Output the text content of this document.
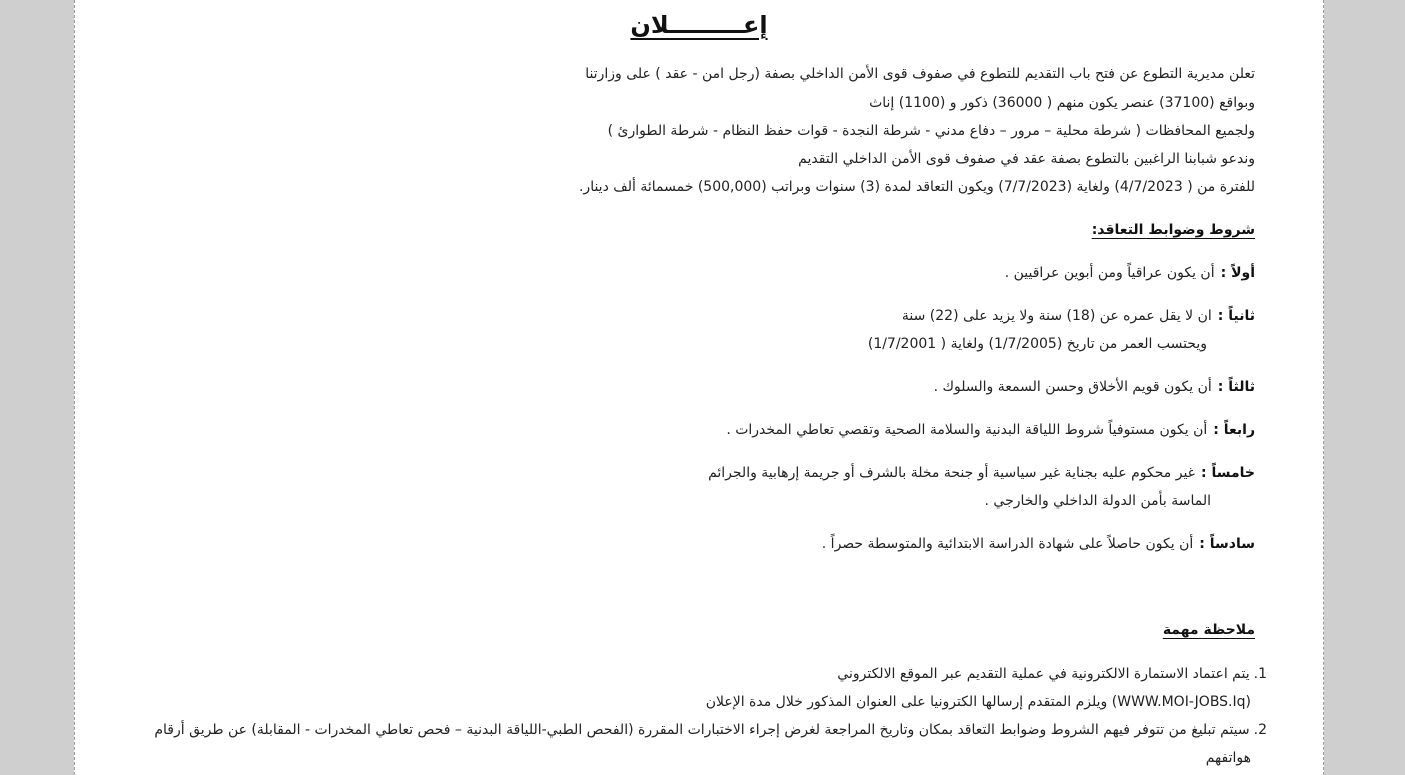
إعـــــــــلان
تعلن مديرية التطوع عن فتح باب التقديم للتطوع في صفوف قوى الأمن الداخلي بصفة (رجل امن - عقد ) على وزارتنا
وبواقع (37100) عنصر يكون منهم ( 36000) ذكور و (1100) إناث
ولجميع المحافظات ( شرطة محلية – مرور – دفاع مدني - شرطة النجدة - قوات حفظ النظام - شرطة الطوارئ )
وندعو شبابنا الراغبين بالتطوع بصفة عقد في صفوف قوى الأمن الداخلي التقديم
للفترة من ( 4/7/2023) ولغاية (7/7/2023) ويكون التعاقد لمدة (3) سنوات وبراتب (500,000) خمسمائة ألف دينار.
شروط وضوابط التعاقد:
أولاً :أن يكون عراقياً ومن أبوين عراقيين .
ثانياً :ان لا يقل عمره عن (18) سنة ولا يزيد على (22) سنة
ويحتسب العمر من تاريخ (1/7/2005) ولغاية ( 1/7/2001)
ثالثاً :أن يكون قويم الأخلاق وحسن السمعة والسلوك .
رابعاً :أن يكون مستوفياً شروط اللياقة البدنية والسلامة الصحية وتقصي تعاطي المخدرات .
خامساً :غير محكوم عليه بجناية غير سياسية أو جنحة مخلة بالشرف أو جريمة إرهابية والجرائم
الماسة بأمن الدولة الداخلي والخارجي .
سادساً :أن يكون حاصلاً على شهادة الدراسة الابتدائية والمتوسطة حصراً .
ملاحظة مهمة
1.يتم اعتماد الاستمارة الالكترونية في عملية التقديم عبر الموقع الالكتروني
(WWW.MOI-JOBS.Iq) ويلزم المتقدم إرسالها الكترونيا على العنوان المذكور خلال مدة الإعلان
2.سيتم تبليغ من تتوفر فيهم الشروط وضوابط التعاقد بمكان وتاريخ المراجعة لغرض إجراء الاختبارات المقررة (الفحص الطبي-اللياقة البدنية – فحص تعاطي المخدرات - المقابلة) عن طريق أرقام
هواتفهم
